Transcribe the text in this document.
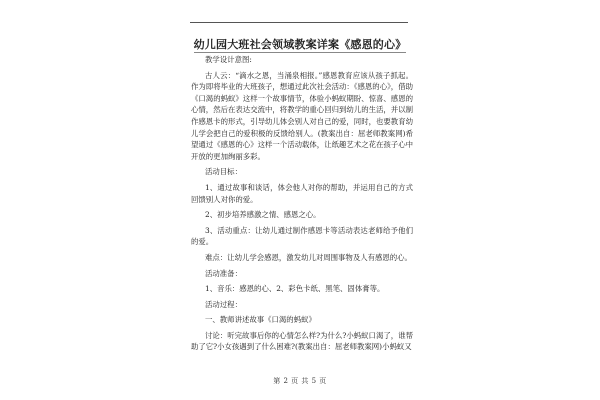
幼儿园大班社会领域教案详案《感恩的心》

教学设计意图:

古人云：“滴水之恩，当涌泉相报。”感恩教育应该从孩子抓起。作为即将毕业的大班孩子，想通过此次社会活动：《感恩的心》，借助《口渴的蚂蚁》这样一个故事情节，体验小蚂蚁期盼、惊喜、感恩的心情，然后在表达交流中，将教学的重心回归到幼儿的生活，并以制作感恩卡的形式，引导幼儿体会别人对自己的爱，同时，也要教育幼儿学会把自己的爱积极的反馈给别人。(教案出自：屈老师教案网)希望通过《感恩的心》这样一个活动载体，让纸趣艺术之花在孩子心中开放的更加绚丽多彩。

活动目标：

1、通过故事和谈话，体会他人对你的帮助，并运用自己的方式回馈别人对你的爱。

2、初步培养感激之情、感恩之心。

3、活动重点：让幼儿通过制作感恩卡等活动表达老师给予他们的爱。

难点：让幼儿学会感恩，激发幼儿对周围事物及人有感恩的心。

活动准备：

1、音乐：感恩的心、2、彩色卡纸、黑笔、固体膏等。

活动过程：

一、教师讲述故事《口渴的蚂蚁》

讨论：听完故事后你的心情怎么样?为什么?小蚂蚁口渴了，谁帮助了它?小女孩遇到了什么困难?(教案出自：屈老师教案网)小蚂蚁又

第 2 页 共 5 页
